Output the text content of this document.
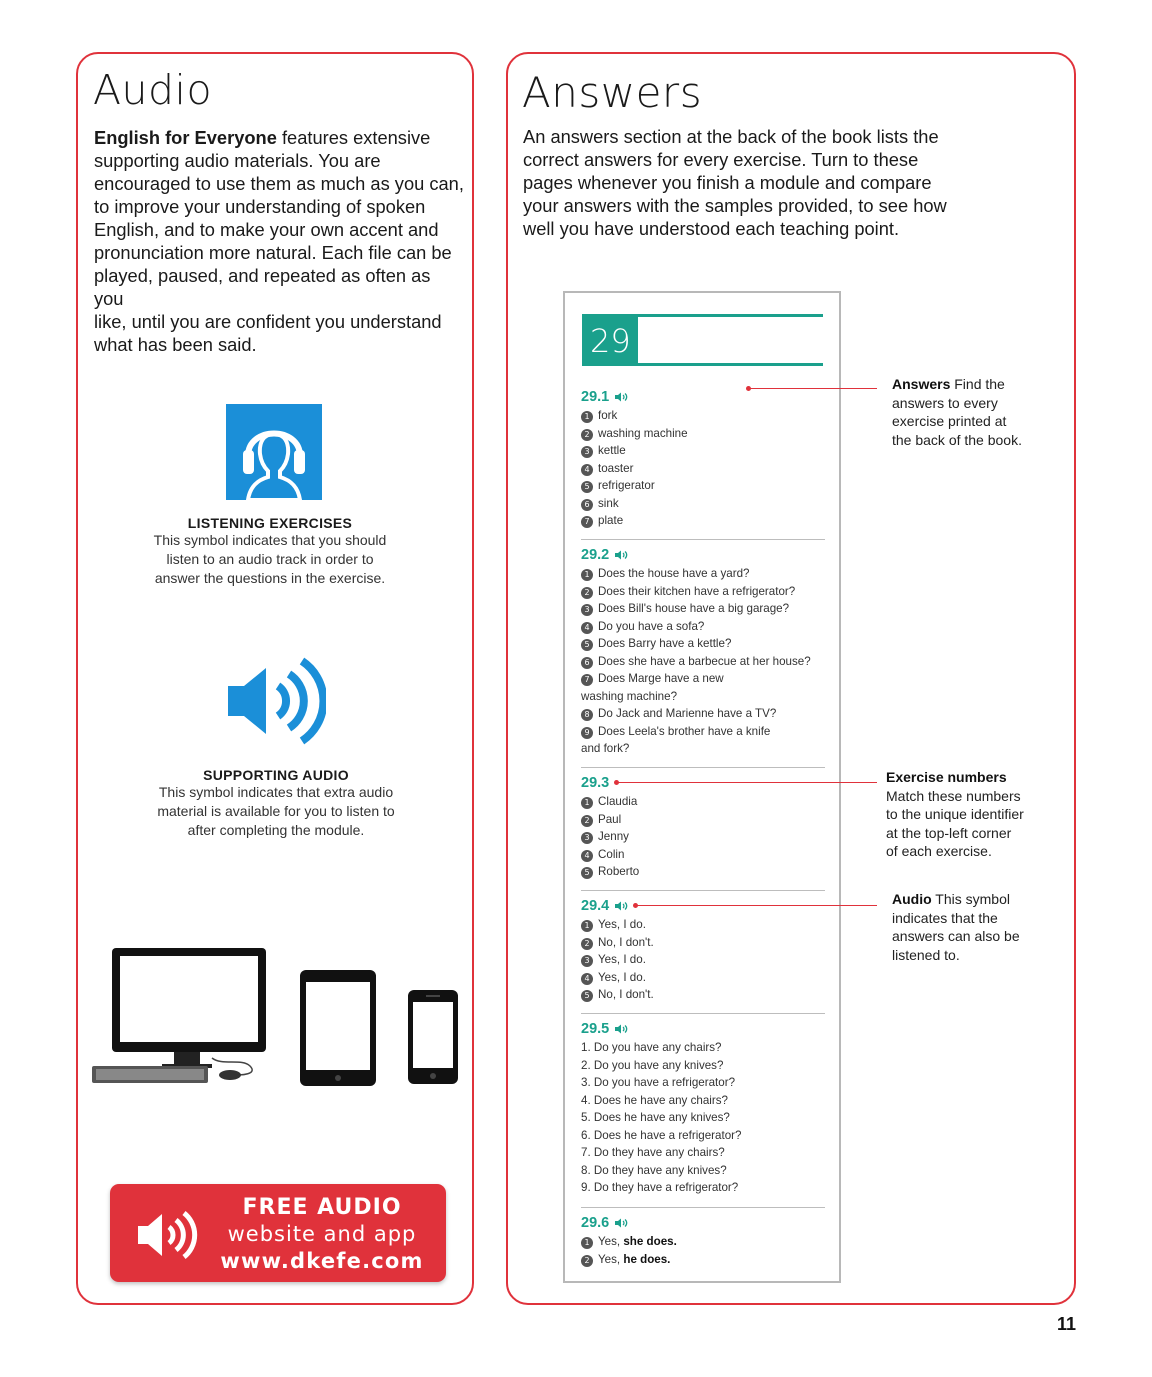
Audio
English for Everyone features extensive
supporting audio materials. You are
encouraged to use them as much as you can,
to improve your understanding of spoken
English, and to make your own accent and
pronunciation more natural. Each file can be
played, paused, and repeated as often as you
like, until you are confident you understand
what has been said.
LISTENING EXERCISES
This symbol indicates that you should
listen to an audio track in order to
answer the questions in the exercise.
SUPPORTING AUDIO
This symbol indicates that extra audio
material is available for you to listen to
after completing the module.
FREE AUDIO
website and app
www.dkefe.com
Answers
An answers section at the back of the book lists the
correct answers for every exercise. Turn to these
pages whenever you finish a module and compare
your answers with the samples provided, to see how
well you have understood each teaching point.
29
29.1
1 fork
2 washing machine
3 kettle
4 toaster
5 refrigerator
6 sink
7 plate
29.2
1 Does the house have a yard?
2 Does their kitchen have a refrigerator?
3 Does Bill's house have a big garage?
4 Do you have a sofa?
5 Does Barry have a kettle?
6 Does she have a barbecue at her house?
7 Does Marge have a new
washing machine?
8 Do Jack and Marienne have a TV?
9 Does Leela's brother have a knife
and fork?
29.3
1 Claudia
2 Paul
3 Jenny
4 Colin
5 Roberto
29.4
1 Yes, I do.
2 No, I don't.
3 Yes, I do.
4 Yes, I do.
5 No, I don't.
29.5
1. Do you have any chairs?
2. Do you have any knives?
3. Do you have a refrigerator?
4. Does he have any chairs?
5. Does he have any knives?
6. Does he have a refrigerator?
7. Do they have any chairs?
8. Do they have any knives?
9. Do they have a refrigerator?
29.6
1 Yes, she does.
2 Yes, he does.
Answers Find the
answers to every
exercise printed at
the back of the book.
Exercise numbers
Match these numbers
to the unique identifier
at the top-left corner
of each exercise.
Audio This symbol
indicates that the
answers can also be
listened to.
11
